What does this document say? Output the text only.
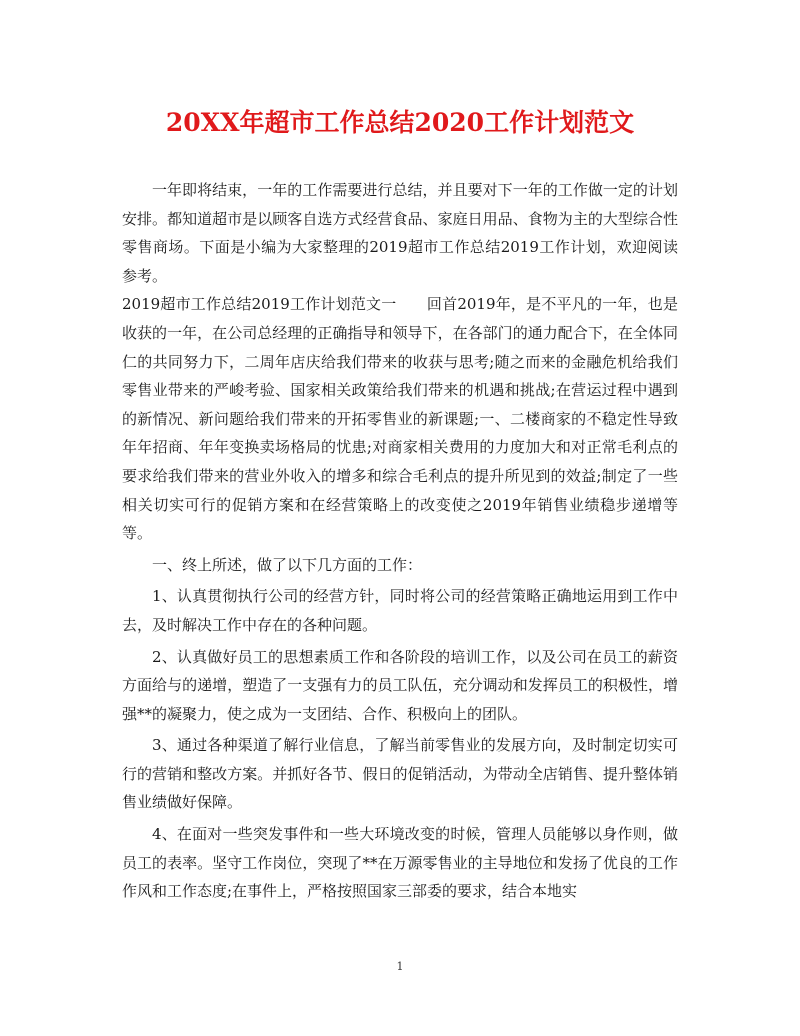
20XX年超市工作总结2020工作计划范文

一年即将结束，一年的工作需要进行总结，并且要对下一年的工作做一定的计划安排。都知道超市是以顾客自选方式经营食品、家庭日用品、食物为主的大型综合性零售商场。下面是小编为大家整理的2019超市工作总结2019工作计划，欢迎阅读参考。

2019超市工作总结2019工作计划范文一　　回首2019年，是不平凡的一年，也是收获的一年，在公司总经理的正确指导和领导下，在各部门的通力配合下，在全体同仁的共同努力下，二周年店庆给我们带来的收获与思考;随之而来的金融危机给我们零售业带来的严峻考验、国家相关政策给我们带来的机遇和挑战;在营运过程中遇到的新情况、新问题给我们带来的开拓零售业的新课题;一、二楼商家的不稳定性导致年年招商、年年变换卖场格局的忧患;对商家相关费用的力度加大和对正常毛利点的要求给我们带来的营业外收入的增多和综合毛利点的提升所见到的效益;制定了一些相关切实可行的促销方案和在经营策略上的改变使之2019年销售业绩稳步递增等等。

一、终上所述，做了以下几方面的工作：

1、认真贯彻执行公司的经营方针，同时将公司的经营策略正确地运用到工作中去，及时解决工作中存在的各种问题。

2、认真做好员工的思想素质工作和各阶段的培训工作，以及公司在员工的薪资方面给与的递增，塑造了一支强有力的员工队伍，充分调动和发挥员工的积极性，增强**的凝聚力，使之成为一支团结、合作、积极向上的团队。

3、通过各种渠道了解行业信息，了解当前零售业的发展方向，及时制定切实可行的营销和整改方案。并抓好各节、假日的促销活动，为带动全店销售、提升整体销售业绩做好保障。

4、在面对一些突发事件和一些大环境改变的时候，管理人员能够以身作则，做员工的表率。坚守工作岗位，突现了**在万源零售业的主导地位和发扬了优良的工作作风和工作态度;在事件上，严格按照国家三部委的要求，结合本地实

1
